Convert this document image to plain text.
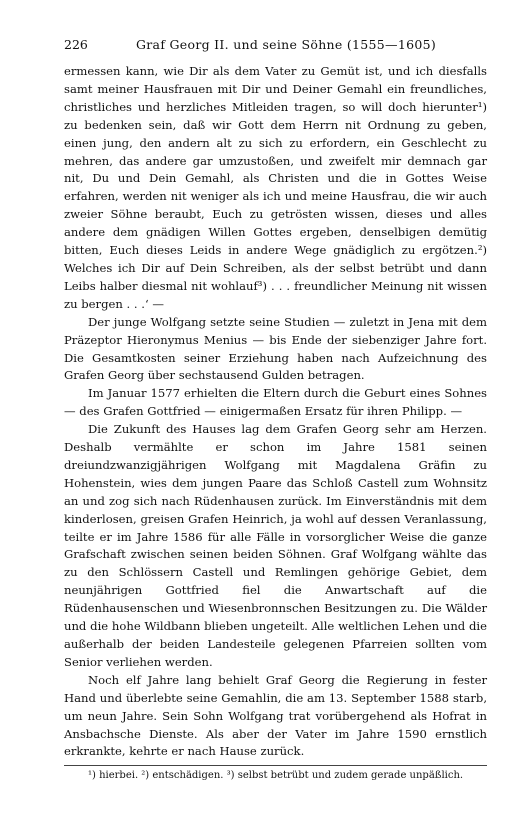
226	Graf Georg II. und seine Söhne (1555—1605)

ermessen kann, wie Dir als dem Vater zu Gemüt ist, und ich diesfalls samt meiner Hausfrauen mit Dir und Deiner Gemahl ein freundliches, christliches und herzliches Mitleiden tragen, so will doch hierunter¹) zu bedenken sein, daß wir Gott dem Herrn nit Ordnung zu geben, einen jung, den andern alt zu sich zu erfordern, ein Geschlecht zu mehren, das andere gar umzustoßen, und zweifelt mir demnach gar nit, Du und Dein Gemahl, als Christen und die in Gottes Weise erfahren, werden nit weniger als ich und meine Hausfrau, die wir auch zweier Söhne beraubt, Euch zu getrösten wissen, dieses und alles andere dem gnädigen Willen Gottes ergeben, denselbigen demütig bitten, Euch dieses Leids in andere Wege gnädiglich zu ergötzen.²) Welches ich Dir auf Dein Schreiben, als der selbst betrübt und dann Leibs halber diesmal nit wohlauf³) . . . freundlicher Meinung nit wissen zu bergen . . .‘ —

Der junge Wolfgang setzte seine Studien — zuletzt in Jena mit dem Präzeptor Hieronymus Menius — bis Ende der siebenziger Jahre fort. Die Gesamtkosten seiner Erziehung haben nach Aufzeichnung des Grafen Georg über sechstausend Gulden betragen.

Im Januar 1577 erhielten die Eltern durch die Geburt eines Sohnes — des Grafen Gottfried — einigermaßen Ersatz für ihren Philipp. —

Die Zukunft des Hauses lag dem Grafen Georg sehr am Herzen. Deshalb vermählte er schon im Jahre 1581 seinen dreiundzwanzigjährigen Wolfgang mit Magdalena Gräfin zu Hohenstein, wies dem jungen Paare das Schloß Castell zum Wohnsitz an und zog sich nach Rüdenhausen zurück. Im Einverständnis mit dem kinderlosen, greisen Grafen Heinrich, ja wohl auf dessen Veranlassung, teilte er im Jahre 1586 für alle Fälle in vorsorglicher Weise die ganze Grafschaft zwischen seinen beiden Söhnen. Graf Wolfgang wählte das zu den Schlössern Castell und Remlingen gehörige Gebiet, dem neunjährigen Gottfried fiel die Anwartschaft auf die Rüdenhausenschen und Wiesenbronnschen Besitzungen zu. Die Wälder und die hohe Wildbann blieben ungeteilt. Alle weltlichen Lehen und die außerhalb der beiden Landesteile gelegenen Pfarreien sollten vom Senior verliehen werden.

Noch elf Jahre lang behielt Graf Georg die Regierung in fester Hand und überlebte seine Gemahlin, die am 13. September 1588 starb, um neun Jahre. Sein Sohn Wolfgang trat vorübergehend als Hofrat in Ansbachsche Dienste. Als aber der Vater im Jahre 1590 ernstlich erkrankte, kehrte er nach Hause zurück.

¹) hierbei. ²) entschädigen. ³) selbst betrübt und zudem gerade unpäßlich.
